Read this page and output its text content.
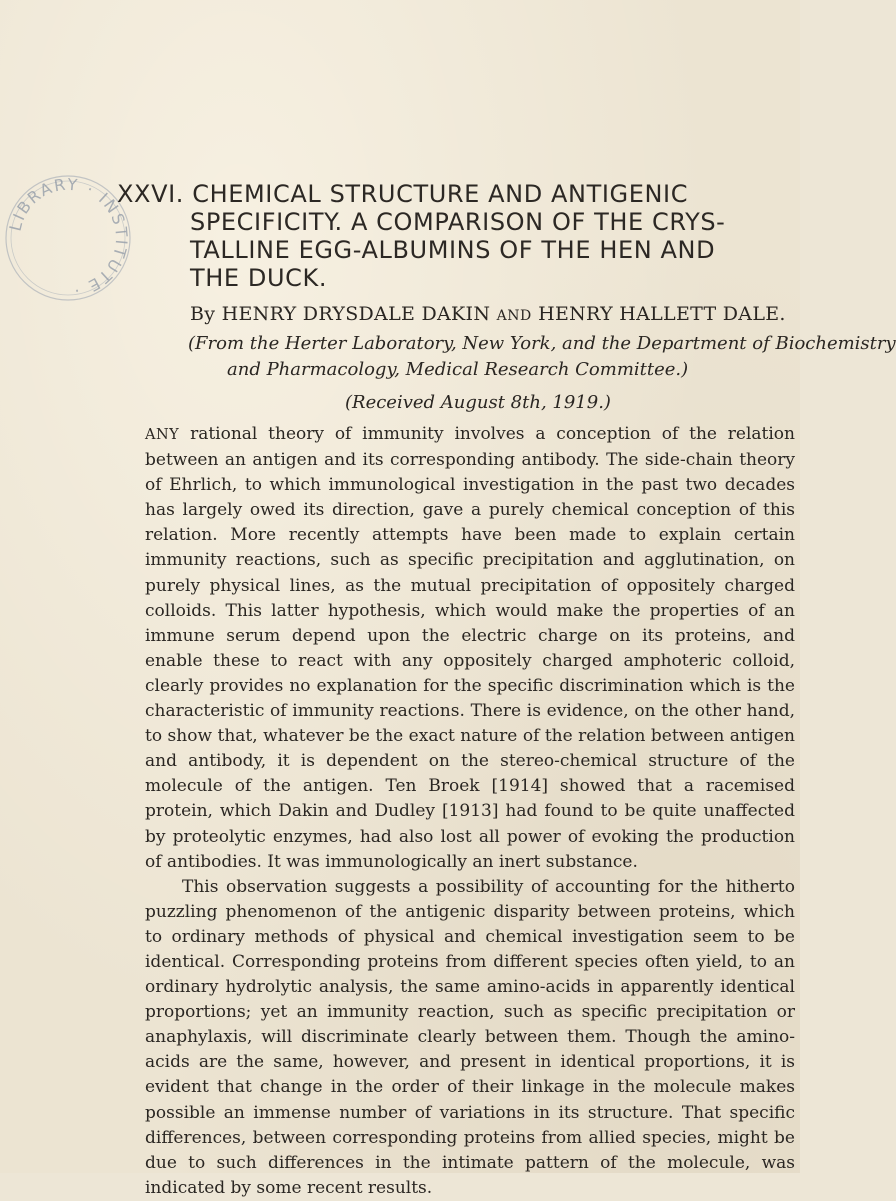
LIBRARY · INSTITUTE ·
XXVI. CHEMICAL STRUCTURE AND ANTIGENIC
SPECIFICITY. A COMPARISON OF THE CRYS-
TALLINE EGG-ALBUMINS OF THE HEN AND
THE DUCK.
By HENRY DRYSDALE DAKIN AND HENRY HALLETT DALE.
(From the Herter Laboratory, New York, and the Department of Biochemistry
and Pharmacology, Medical Research Committee.)
(Received August 8th, 1919.)

ANY rational theory of immunity involves a conception of the relation between an antigen and its corresponding antibody. The side-chain theory of Ehrlich, to which immunological investigation in the past two decades has largely owed its direction, gave a purely chemical conception of this relation. More recently attempts have been made to explain certain immunity reactions, such as specific precipitation and agglutination, on purely physical lines, as the mutual precipitation of oppositely charged colloids. This latter hypothesis, which would make the properties of an immune serum depend upon the electric charge on its proteins, and enable these to react with any oppositely charged amphoteric colloid, clearly provides no explanation for the specific discrimination which is the characteristic of immunity reactions. There is evidence, on the other hand, to show that, whatever be the exact nature of the relation between antigen and antibody, it is dependent on the stereo-chemical structure of the molecule of the antigen. Ten Broek [1914] showed that a racemised protein, which Dakin and Dudley [1913] had found to be quite unaffected by proteolytic enzymes, had also lost all power of evoking the production of antibodies. It was immunologically an inert substance.

This observation suggests a possibility of accounting for the hitherto puzzling phenomenon of the antigenic disparity between proteins, which to ordinary methods of physical and chemical investigation seem to be identical. Corresponding proteins from different species often yield, to an ordinary hydrolytic analysis, the same amino-acids in apparently identical proportions; yet an immunity reaction, such as specific precipitation or anaphylaxis, will discriminate clearly between them. Though the amino-acids are the same, however, and present in identical proportions, it is evident that change in the order of their linkage in the molecule makes possible an immense number of variations in its structure. That specific differences, between corresponding proteins from allied species, might be due to such differences in the intimate pattern of the molecule, was indicated by some recent results.
